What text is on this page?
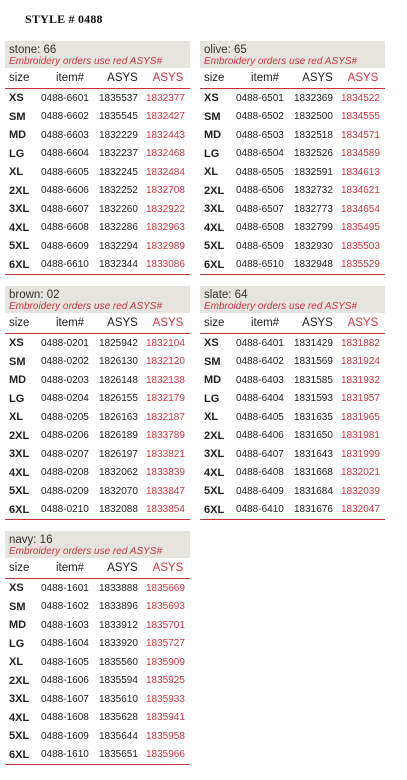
STYLE # 0488
stone: 66
Embroidery orders use red ASYS#
size	item#	ASYS	ASYS
XS	0488-6601	1835537	1832377
SM	0488-6602	1835545	1832427
MD	0488-6603	1832229	1832443
LG	0488-6604	1832237	1832468
XL	0488-6605	1832245	1832484
2XL	0488-6606	1832252	1832708
3XL	0488-6607	1832260	1832922
4XL	0488-6608	1832286	1832963
5XL	0488-6609	1832294	1832989
6XL	0488-6610	1832344	1833086
olive: 65
Embroidery orders use red ASYS#
size	item#	ASYS	ASYS
XS	0488-6501	1832369	1834522
SM	0488-6502	1832500	1834555
MD	0488-6503	1832518	1834571
LG	0488-6504	1832526	1834589
XL	0488-6505	1832591	1834613
2XL	0488-6506	1832732	1834621
3XL	0488-6507	1832773	1834654
4XL	0488-6508	1832799	1835495
5XL	0488-6509	1832930	1835503
6XL	0488-6510	1832948	1835529
brown: 02
Embroidery orders use red ASYS#
size	item#	ASYS	ASYS
XS	0488-0201	1825942	1832104
SM	0488-0202	1826130	1832120
MD	0488-0203	1826148	1832138
LG	0488-0204	1826155	1832179
XL	0488-0205	1826163	1832187
2XL	0488-0206	1826189	1833789
3XL	0488-0207	1826197	1833821
4XL	0488-0208	1832062	1833839
5XL	0488-0209	1832070	1833847
6XL	0488-0210	1832088	1833854
slate: 64
Embroidery orders use red ASYS#
size	item#	ASYS	ASYS
XS	0488-6401	1831429	1831882
SM	0488-6402	1831569	1831924
MD	0488-6403	1831585	1831932
LG	0488-6404	1831593	1831957
XL	0488-6405	1831635	1831965
2XL	0488-6406	1831650	1831981
3XL	0488-6407	1831643	1831999
4XL	0488-6408	1831668	1832021
5XL	0488-6409	1831684	1832039
6XL	0488-6410	1831676	1832047
navy: 16
Embroidery orders use red ASYS#
size	item#	ASYS	ASYS
XS	0488-1601	1833888	1835669
SM	0488-1602	1833896	1835693
MD	0488-1603	1833912	1835701
LG	0488-1604	1833920	1835727
XL	0488-1605	1835560	1835909
2XL	0488-1606	1835594	1835925
3XL	0488-1607	1835610	1835933
4XL	0488-1608	1835628	1835941
5XL	0488-1609	1835644	1835958
6XL	0488-1610	1835651	1835966
